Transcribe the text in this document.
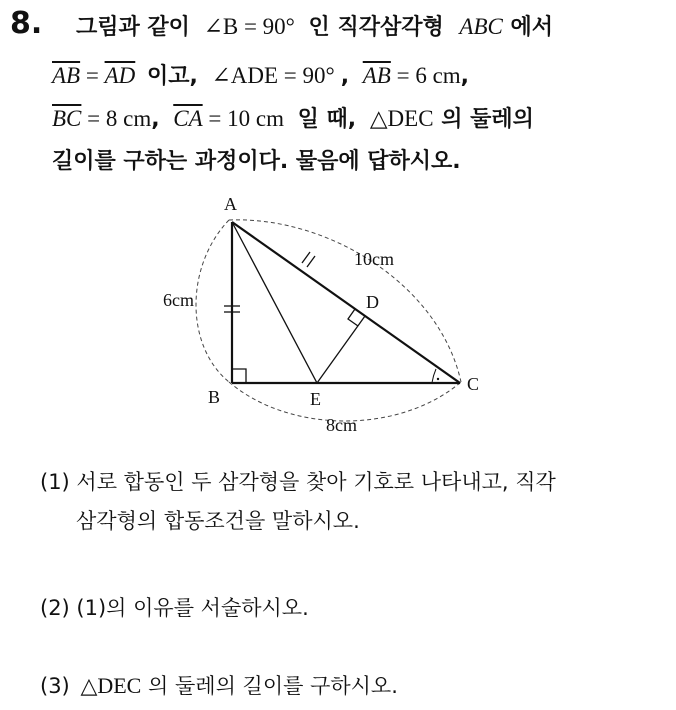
8. 그림과 같이 ∠B = 90° 인 직각삼각형 ABC 에서
$\overline{AB} = \overline{AD}$ 이고, ∠ADE = 90° , $\overline{AB} = 6$ cm,
$\overline{BC} = 8$ cm, $\overline{CA} = 10$ cm 일 때, △DEC 의 둘레의
길이를 구하는 과정이다. 물음에 답하시오.
A
B
C
D
E
6cm
10cm
8cm
(1) 서로 합동인 두 삼각형을 찾아 기호로 나타내고, 직각
삼각형의 합동조건을 말하시오.
(2) (1)의 이유를 서술하시오.
(3) △DEC 의 둘레의 길이를 구하시오.
